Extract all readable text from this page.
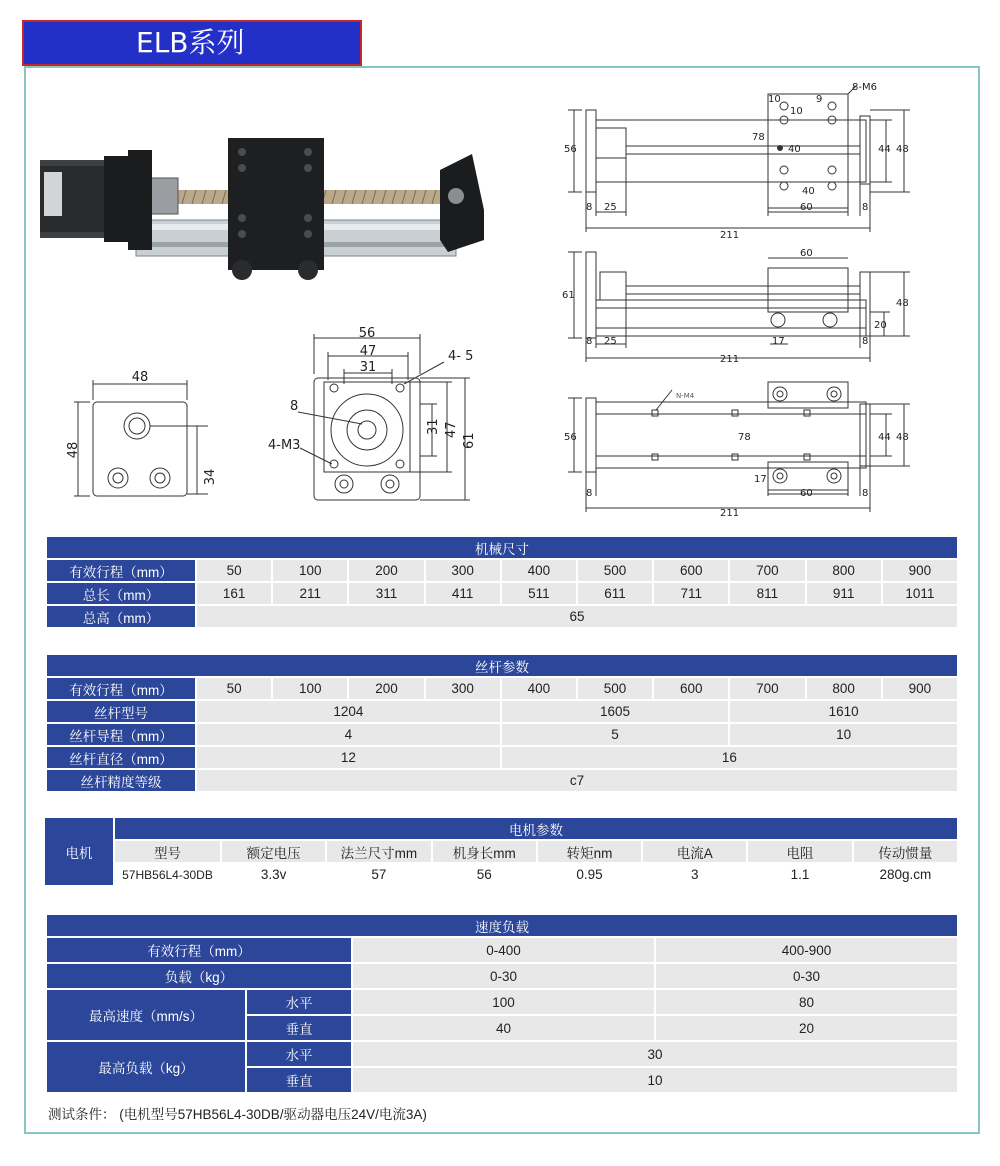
ELB系列
48
48
34
56
47
31
4- 5
8
4-M3
31 47
61
8-M6
10	9
10
78
40
40
56	44 48
8 25	60	8
211
60
61
48
20
8 25	17	8
211
N-M4
56	78	44 48
17
60
8	8
211
机械尺寸										
有效行程（mm）	50	100	200	300	400	500	600	700	800	900
总长（mm）	161	211	311	411	511	611	711	811	911	1011
总高（mm）	65									
丝杆参数										
有效行程（mm）	50	100	200	300	400	500	600	700	800	900
丝杆型号	1204				1605			1610		
丝杆导程（mm）	4				5			10		
丝杆直径（mm）	12				16					
丝杆精度等级	c7									
电机	电机参数							
	型号	额定电压	法兰尺寸mm	机身长mm	转矩nm	电流A	电阻	传动惯量
	57HB56L4-30DB	3.3v	57	56	0.95	3	1.1	280g.cm
速度负载			
有效行程（mm）		0-400	400-900
负载（kg）		0-30	0-30
最高速度（mm/s）	水平	100	80
	垂直	40	20
最高负载（kg）	水平	30	
	垂直	10	
测试条件： (电机型号57HB56L4-30DB/驱动器电压24V/电流3A)
